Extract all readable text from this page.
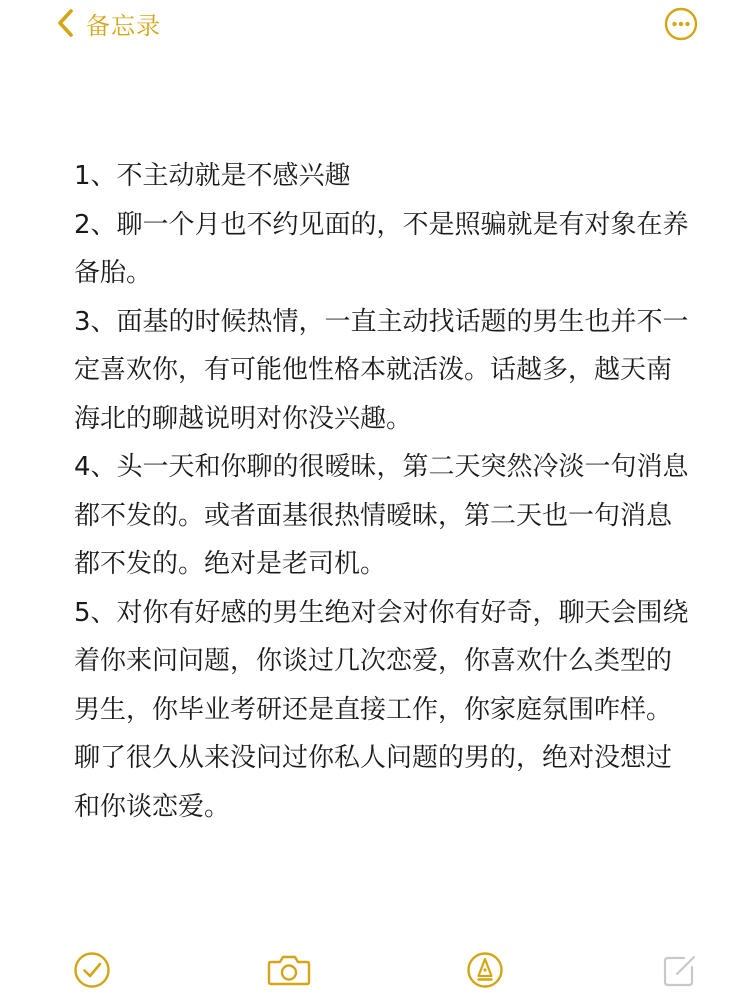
备忘录

1、不主动就是不感兴趣

2、聊一个月也不约见面的，不是照骗就是有对象在养备胎。

3、面基的时候热情，一直主动找话题的男生也并不一定喜欢你，有可能他性格本就活泼。话越多，越天南海北的聊越说明对你没兴趣。

4、头一天和你聊的很暧昧，第二天突然冷淡一句消息都不发的。或者面基很热情暧昧，第二天也一句消息都不发的。绝对是老司机。

5、对你有好感的男生绝对会对你有好奇，聊天会围绕着你来问问题，你谈过几次恋爱，你喜欢什么类型的男生，你毕业考研还是直接工作，你家庭氛围咋样。聊了很久从来没问过你私人问题的男的，绝对没想过和你谈恋爱。
